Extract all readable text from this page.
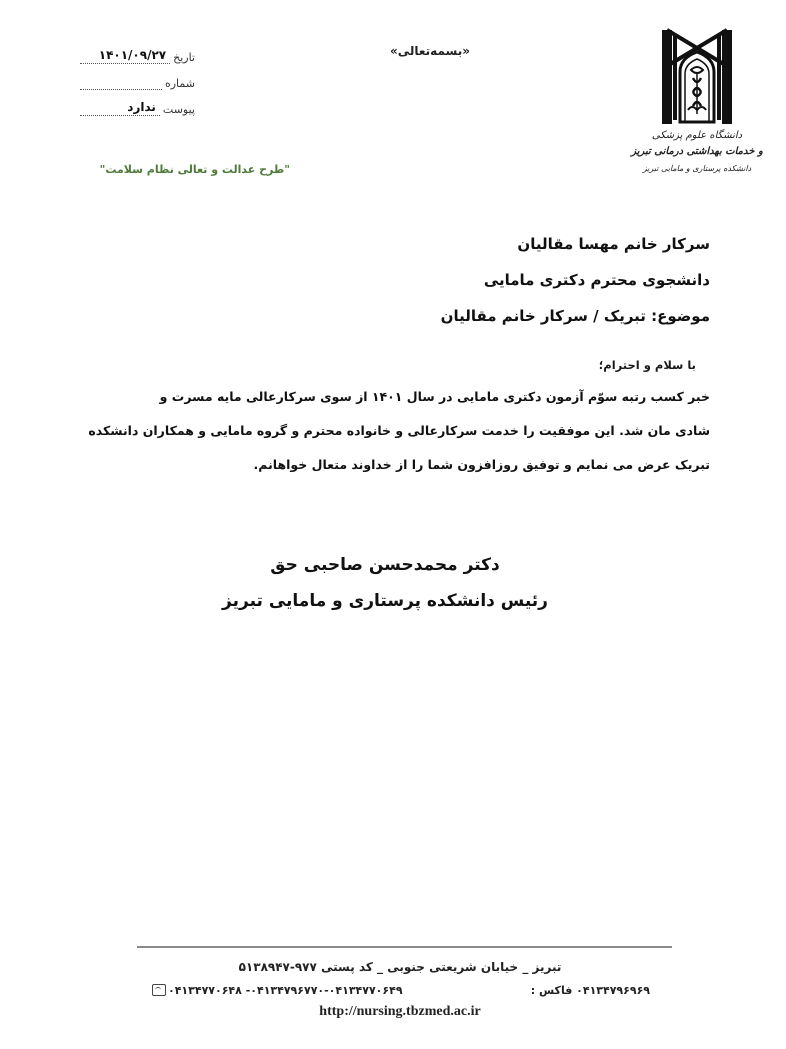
دانشگاه علوم پزشکی
و خدمات بهداشتی درمانی تبریز
دانشکده پرستاری و مامایی تبریز
«بسمه‌تعالی»
تاریخ
۱۴۰۱/۰۹/۲۷
شماره
پیوست
ندارد
"طرح عدالت و تعالی نظام سلامت"
سرکار خانم مهسا مقالیان
دانشجوی محترم دکتری مامایی
موضوع: تبریک / سرکار خانم مقالیان
با سلام و احترام؛
خبر کسب رتبه سوّم آزمون دکتری مامایی در سال ۱۴۰۱ از سوی سرکارعالی مایه مسرت و
شادی مان شد. این موفقیت را خدمت سرکارعالی و خانواده محترم و گروه مامایی و همکاران دانشکده
تبریک عرض می نمایم و توفیق روزافزون شما را از خداوند متعال خواهانم.
دکتر محمدحسن صاحبی حق
رئیس دانشکده پرستاری و مامایی تبریز
تبریز _ خیابان شریعتی جنوبی _ کد پستی ۹۷۷-۵۱۳۸۹۴۷
۰۴۱۳۴۷۹۶۷۷۰-۰۴۱۳۴۷۷۰۶۴۹- ۰۴۱۳۴۷۷۰۶۴۸	۰۴۱۳۴۷۹۶۹۶۹ فاکس :
http://nursing.tbzmed.ac.ir
